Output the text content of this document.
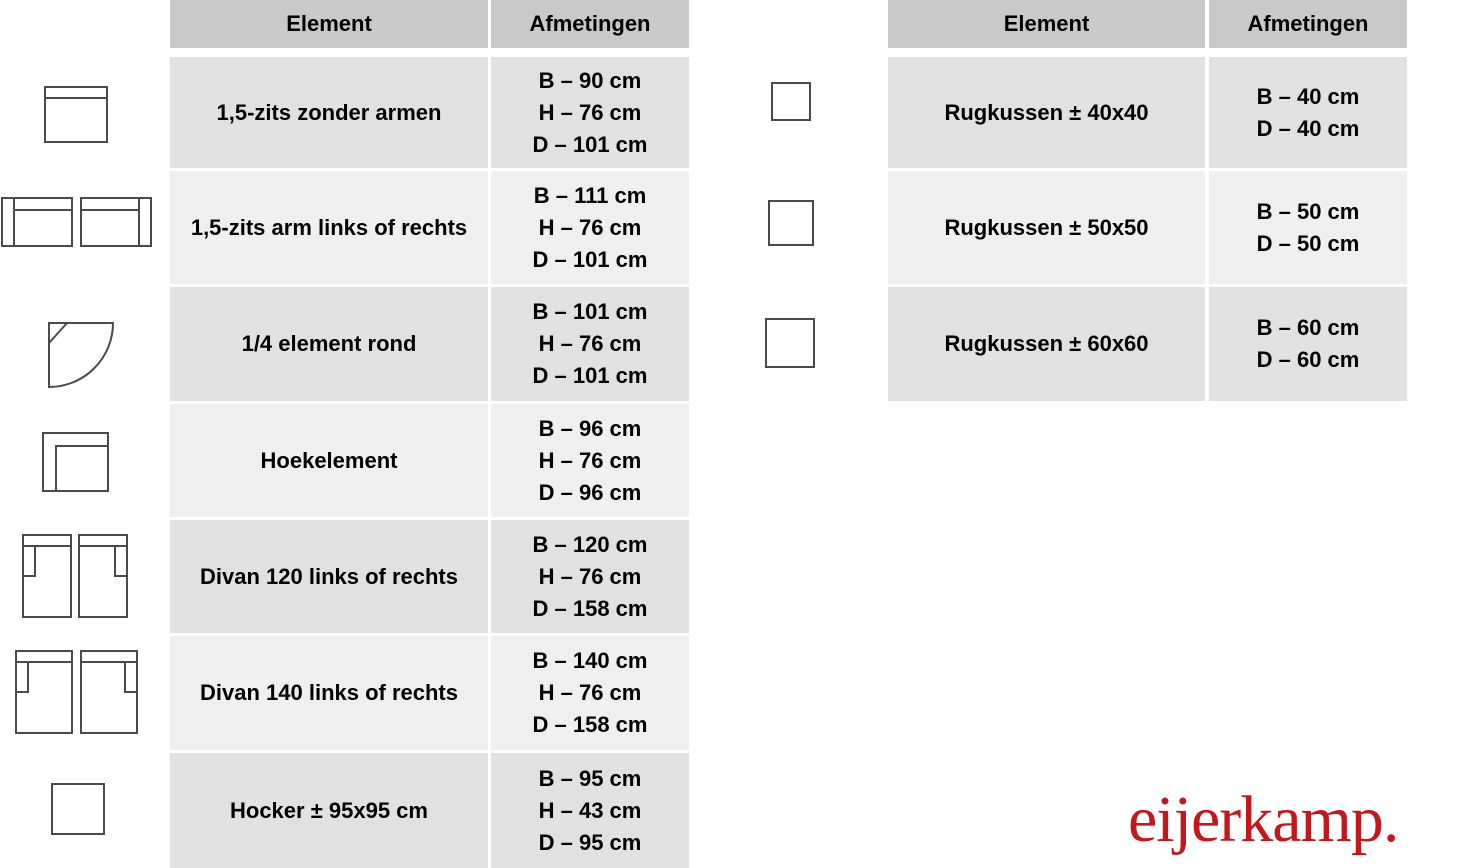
Element	Afmetingen
1,5-zits zonder armen
B – 90 cm
H – 76 cm
D – 101 cm
1,5-zits arm links of rechts
B – 111 cm
H – 76 cm
D – 101 cm
1/4 element rond
B – 101 cm
H – 76 cm
D – 101 cm
Hoekelement
B – 96 cm
H – 76 cm
D – 96 cm
Divan 120 links of rechts
B – 120 cm
H – 76 cm
D – 158 cm
Divan 140 links of rechts
B – 140 cm
H – 76 cm
D – 158 cm
Hocker ± 95x95 cm
B – 95 cm
H – 43 cm
D – 95 cm
Element	Afmetingen
Rugkussen ± 40x40
B – 40 cm
D – 40 cm
Rugkussen ± 50x50
B – 50 cm
D – 50 cm
Rugkussen ± 60x60
B – 60 cm
D – 60 cm
eijerkamp.
